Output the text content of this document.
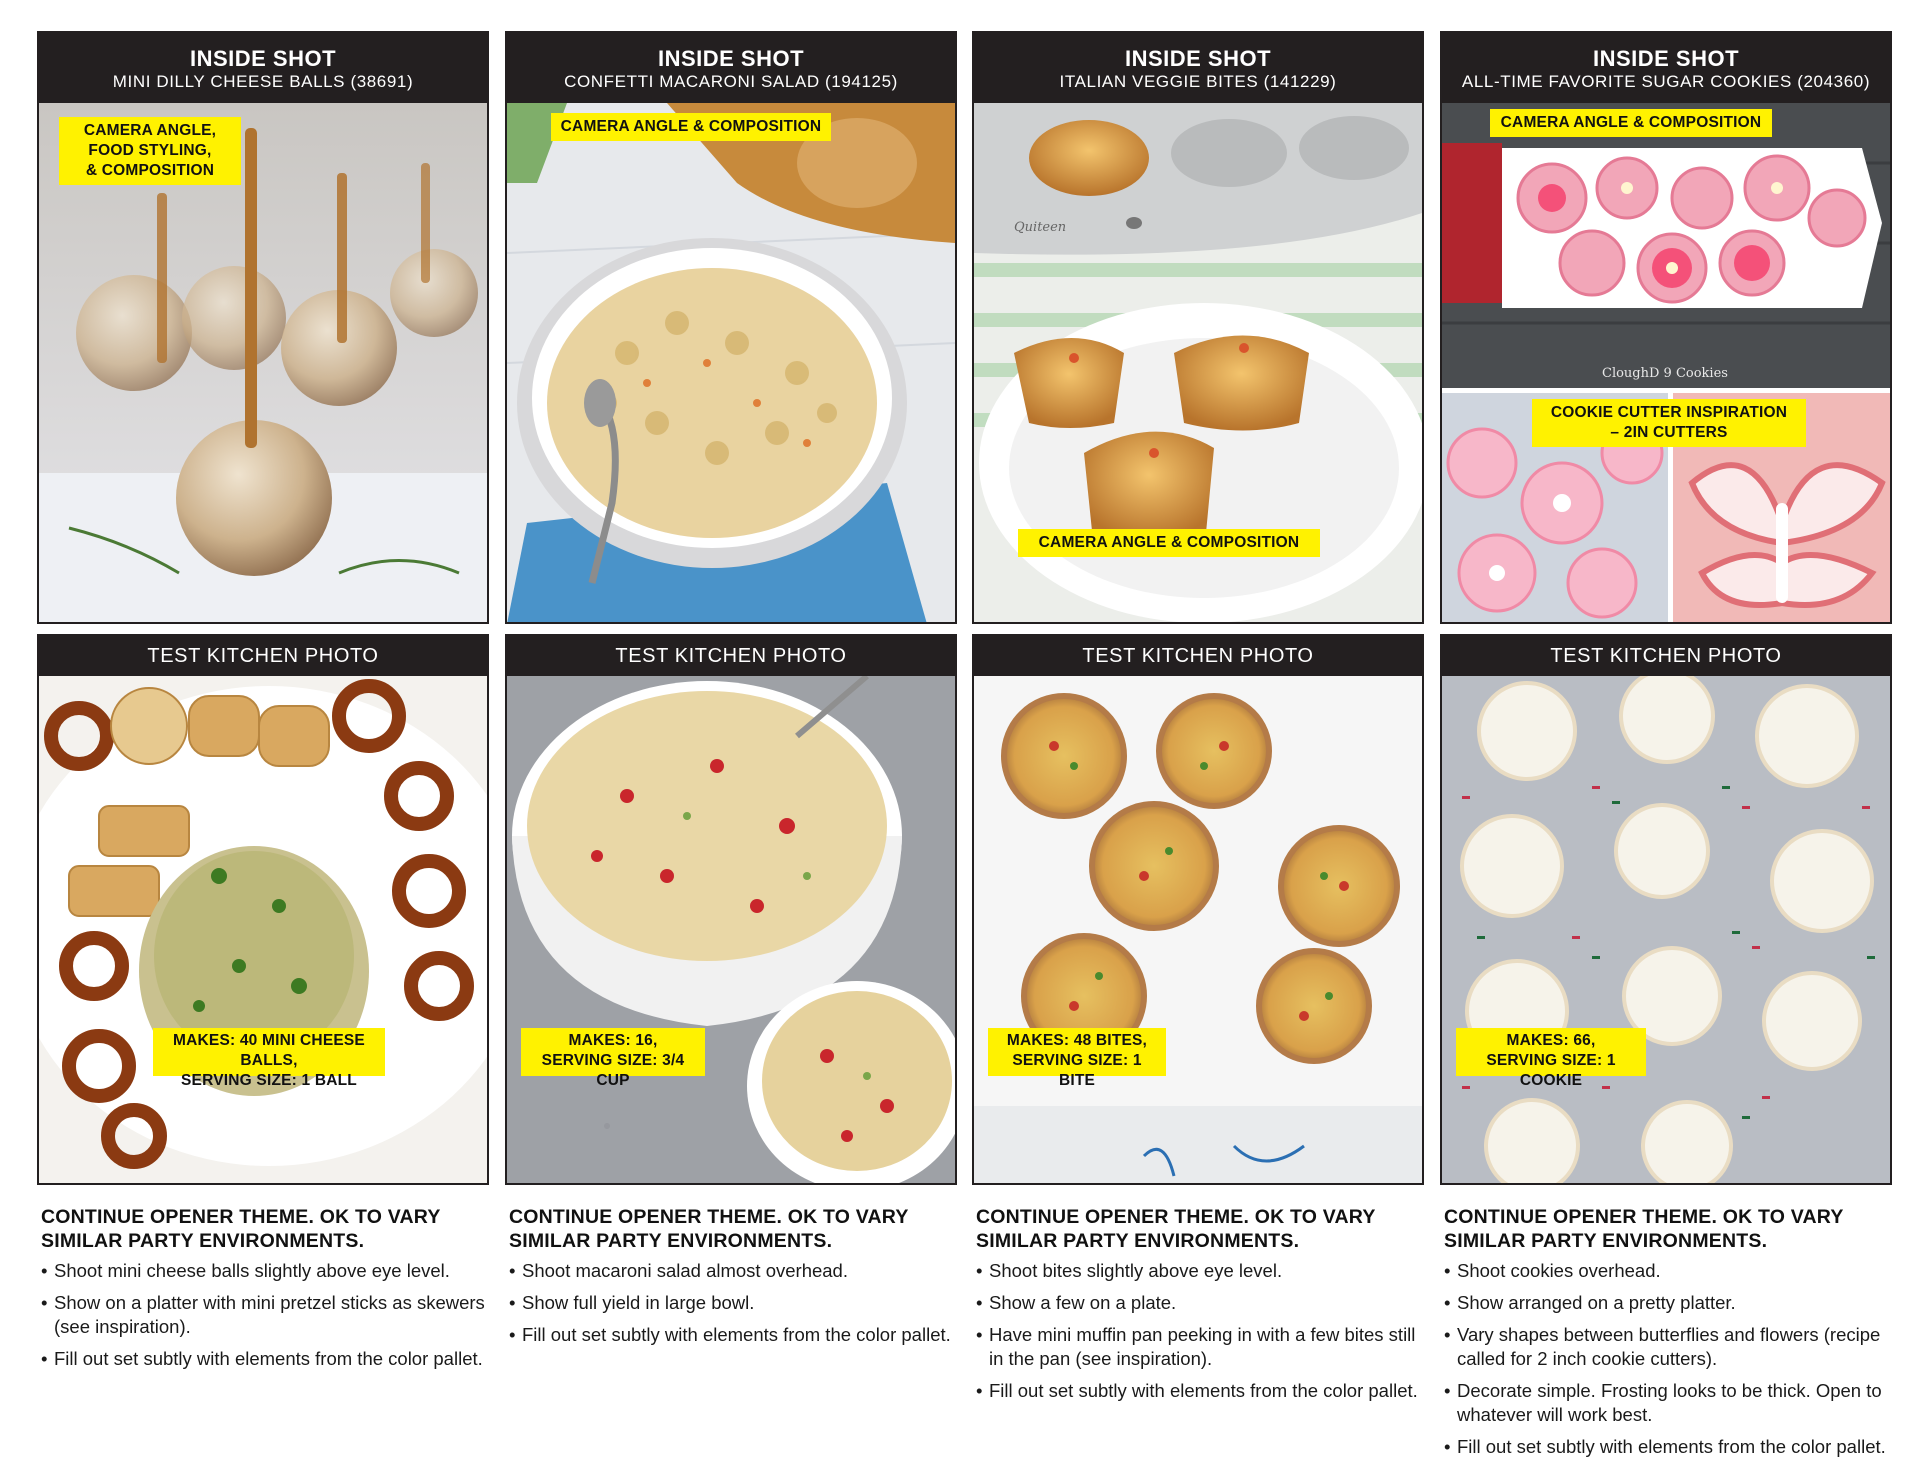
INSIDE SHOT
MINI DILLY CHEESE BALLS (38691)
CAMERA ANGLE,
FOOD STYLING,
& COMPOSITION
TEST KITCHEN PHOTO
MAKES: 40 MINI CHEESE BALLS,
SERVING SIZE: 1 BALL
CONTINUE OPENER THEME. OK TO VARY SIMILAR PARTY ENVIRONMENTS.
• Shoot mini cheese balls slightly above eye level.
• Show on a platter with mini pretzel sticks as skewers (see inspiration).
• Fill out set subtly with elements from the color pallet.
INSIDE SHOT
CONFETTI MACARONI SALAD (194125)
CAMERA ANGLE & COMPOSITION
TEST KITCHEN PHOTO
MAKES: 16,
SERVING SIZE: 3/4 CUP
CONTINUE OPENER THEME. OK TO VARY SIMILAR PARTY ENVIRONMENTS.
• Shoot macaroni salad almost overhead.
• Show full yield in large bowl.
• Fill out set subtly with elements from the color pallet.
INSIDE SHOT
ITALIAN VEGGIE BITES (141229)
Quiteen
CAMERA ANGLE & COMPOSITION
TEST KITCHEN PHOTO
MAKES: 48 BITES,
SERVING SIZE: 1 BITE
CONTINUE OPENER THEME. OK TO VARY SIMILAR PARTY ENVIRONMENTS.
• Shoot bites slightly above eye level.
• Show a few on a plate.
• Have mini muffin pan peeking in with a few bites still in the pan (see inspiration).
• Fill out set subtly with elements from the color pallet.
INSIDE SHOT
ALL-TIME FAVORITE SUGAR COOKIES (204360)
CloughD 9 Cookies
CAMERA ANGLE & COMPOSITION
COOKIE CUTTER INSPIRATION
– 2IN CUTTERS
TEST KITCHEN PHOTO
MAKES: 66,
SERVING SIZE: 1 COOKIE
CONTINUE OPENER THEME. OK TO VARY SIMILAR PARTY ENVIRONMENTS.
• Shoot cookies overhead.
• Show arranged on a pretty platter.
• Vary shapes between butterflies and flowers (recipe called for 2 inch cookie cutters).
• Decorate simple. Frosting looks to be thick. Open to whatever will work best.
• Fill out set subtly with elements from the color pallet.
